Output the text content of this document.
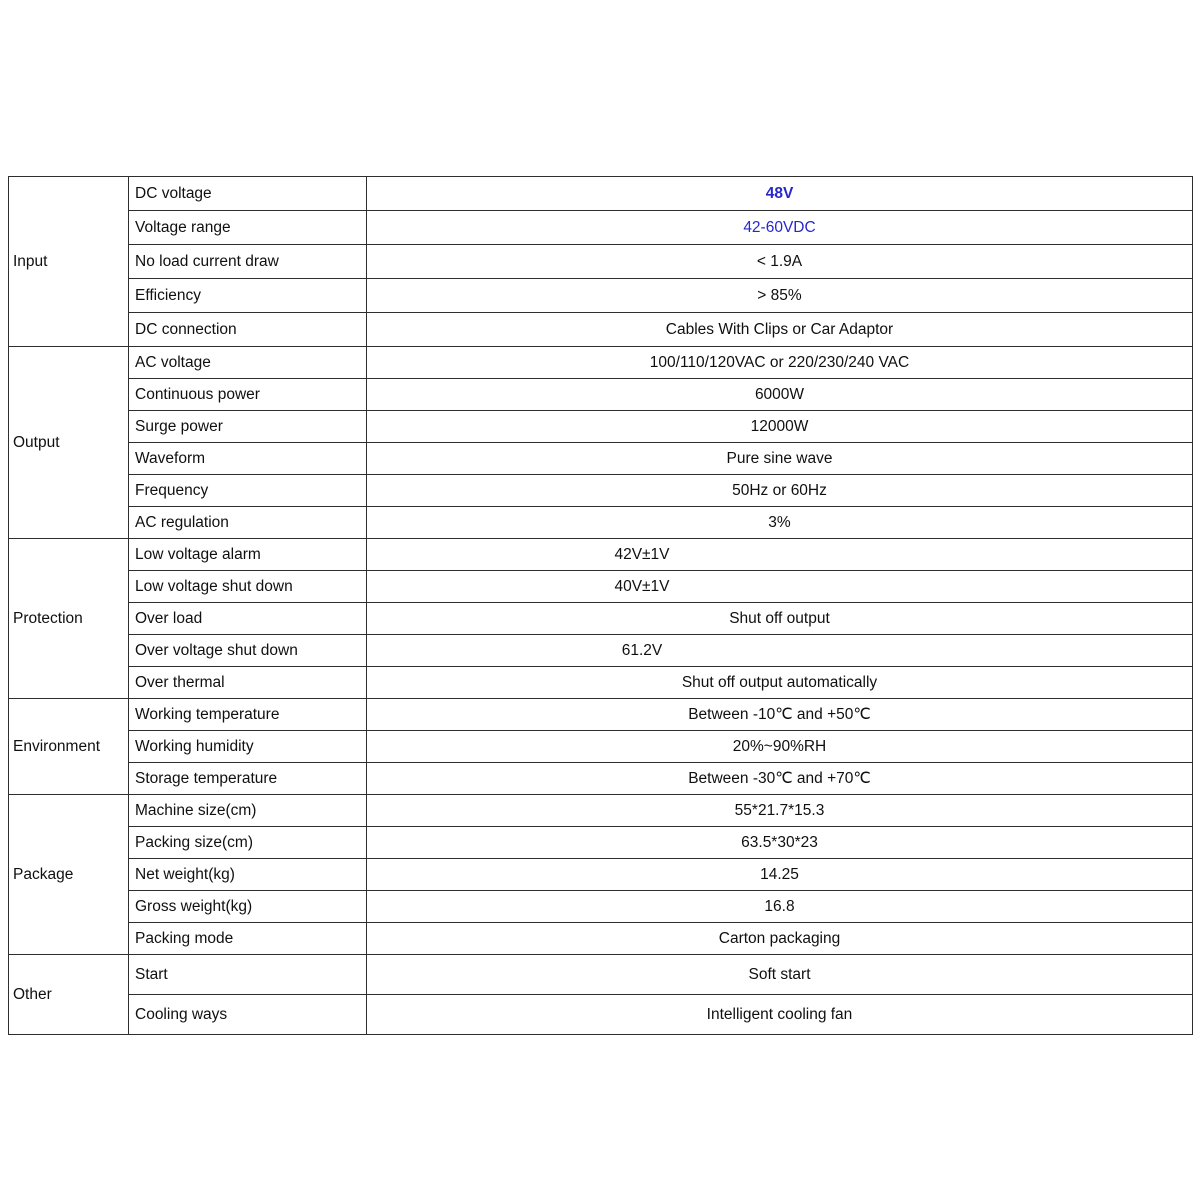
Input	DC voltage	48V
	Voltage range	42-60VDC
	No load current draw	< 1.9A
	Efficiency	> 85%
	DC connection	Cables With Clips or Car Adaptor
Output	AC voltage	100/110/120VAC or 220/230/240 VAC
	Continuous power	6000W
	Surge power	12000W
	Waveform	Pure sine wave
	Frequency	50Hz or 60Hz
	AC regulation	3%
Protection	Low voltage alarm	42V±1V
	Low voltage shut down	40V±1V
	Over load	Shut off output
	Over voltage shut down	61.2V
	Over thermal	Shut off output automatically
Environment	Working temperature	Between -10℃ and +50℃
	Working humidity	20%~90%RH
	Storage temperature	Between -30℃ and +70℃
Package	Machine size(cm)	55*21.7*15.3
	Packing size(cm)	63.5*30*23
	Net weight(kg)	14.25
	Gross weight(kg)	16.8
	Packing mode	Carton packaging
Other	Start	Soft start
	Cooling ways	Intelligent cooling fan
